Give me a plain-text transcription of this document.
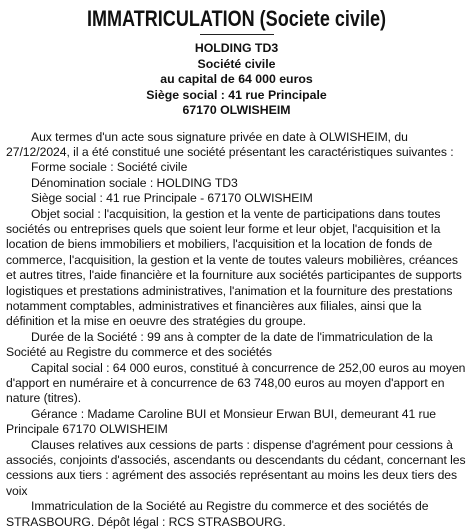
IMMATRICULATION (Societe civile)
HOLDING TD3
Société civile
au capital de 64 000 euros
Siège social : 41 rue Principale
67170 OLWISHEIM

Aux termes d'un acte sous signature privée en date à OLWISHEIM, du 27/12/2024, il a été constitué une société présentant les caractéristiques suivantes :

Forme sociale : Société civile

Dénomination sociale : HOLDING TD3

Siège social : 41 rue Principale - 67170 OLWISHEIM

Objet social : l'acquisition, la gestion et la vente de participations dans toutes sociétés ou entreprises quels que soient leur forme et leur objet, l'acquisition et la location de biens immobiliers et mobiliers, l'acquisition et la location de fonds de commerce, l'acquisition, la gestion et la vente de toutes valeurs mobilières, créances et autres titres, l'aide financière et la fourniture aux sociétés participantes de supports logistiques et prestations administratives, l'animation et la fourniture des prestations notamment comptables, administratives et financières aux filiales, ainsi que la définition et la mise en oeuvre des stratégies du groupe.

Durée de la Société : 99 ans à compter de la date de l'immatriculation de la Société au Registre du commerce et des sociétés

Capital social : 64 000 euros, constitué à concurrence de 252,00 euros au moyen d'apport en numéraire et à concurrence de 63 748,00 euros au moyen d'apport en nature (titres).

Gérance : Madame Caroline BUI et Monsieur Erwan BUI, demeurant 41 rue Principale 67170 OLWISHEIM

Clauses relatives aux cessions de parts : dispense d'agrément pour cessions à associés, conjoints d'associés, ascendants ou descendants du cédant, concernant les cessions aux tiers : agrément des associés représentant au moins les deux tiers des voix

Immatriculation de la Société au Registre du commerce et des sociétés de STRASBOURG. Dépôt légal : RCS STRASBOURG.
